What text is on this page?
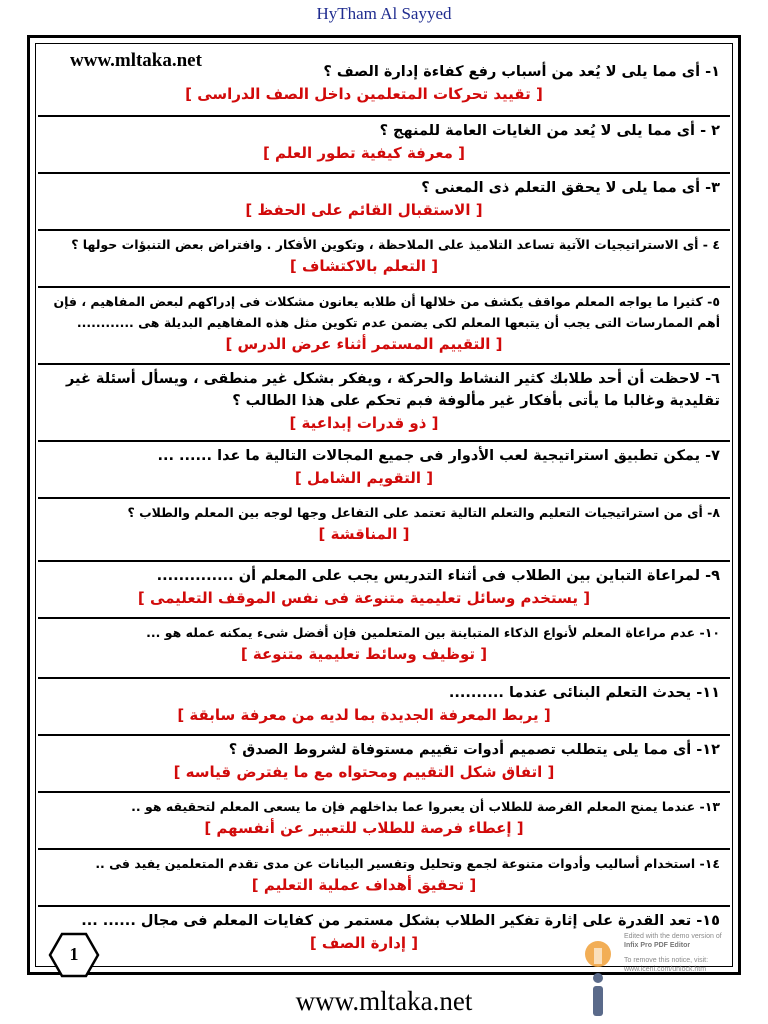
HyTham Al Sayyed
www.mltaka.net
١- أى مما يلى لا يُعد من أسباب رفع كفاءة إدارة الصف ؟
[ تقييد تحركات المتعلمين داخل الصف الدراسى ]
٢ - أى مما يلى لا يُعد من الغايات العامة للمنهج ؟
[ معرفة كيفية تطور العلم ]
٣- أى مما يلى لا يحقق التعلم ذى المعنى ؟
[ الاستقبال القائم على الحفظ ]
٤ - أى الاستراتيجيات الآتية تساعد التلاميذ على الملاحظة ، وتكوين الأفكار . وافتراض بعض التنبؤات حولها ؟
[ التعلم بالاكتشاف ]
٥- كثيرا ما يواجه المعلم مواقف يكشف من خلالها أن طلابه يعانون مشكلات فى إدراكهم لبعض المفاهيم ، فإن أهم الممارسات التى يجب أن يتبعها المعلم لكى يضمن عدم تكوين مثل هذه المفاهيم البديلة هى ............
[ التقييم المستمر أثناء عرض الدرس ]
٦- لاحظت أن أحد طلابك كثير النشاط والحركة ، ويفكر بشكل غير منطقى ، ويسأل أسئلة غير تقليدية وغالبا ما يأتى بأفكار غير مألوفة فبم تحكم على هذا الطالب ؟
[ ذو قدرات إبداعية ]
٧- يمكن تطبيق استراتيجية لعب الأدوار فى جميع المجالات التالية ما عدا ...... ...
[ التقويم الشامل ]
٨- أى من استراتيجيات التعليم والتعلم التالية تعتمد على التفاعل وجها لوجه بين المعلم والطلاب ؟
[ المناقشة ]
٩- لمراعاة التباين بين الطلاب فى أثناء التدريس يجب على المعلم أن ..............
[ يستخدم وسائل تعليمية متنوعة فى نفس الموقف التعليمى ]
١٠- عدم مراعاة المعلم لأنواع الذكاء المتباينة بين المتعلمين فإن أفضل شىء يمكنه عمله هو ...
[ توظيف وسائط تعليمية متنوعة ]
١١- يحدث التعلم البنائى عندما ..........
[ يربط المعرفة الجديدة بما لديه من معرفة سابقة ]
١٢- أى مما يلى يتطلب تصميم أدوات تقييم مستوفاة لشروط الصدق ؟
[ اتفاق شكل التقييم ومحتواه مع ما يفترض قياسه ]
١٣- عندما يمنح المعلم الفرصة للطلاب أن يعبروا عما بداخلهم فإن ما يسعى المعلم لتحقيقه هو ..
[ إعطاء فرصة للطلاب للتعبير عن أنفسهم ]
١٤- استخدام أساليب وأدوات متنوعة لجمع وتحليل وتفسير البيانات عن مدى تقدم المتعلمين يفيد فى ..
[ تحقيق أهداف عملية التعليم ]
١٥- تعد القدرة على إثارة تفكير الطلاب بشكل مستمر من كفايات المعلم فى مجال ...... ...
[ إدارة الصف ]
1
Edited with the demo version of
Infix Pro PDF Editor
To remove this notice, visit:
www.iceni.com/unlock.htm
www.mltaka.net
